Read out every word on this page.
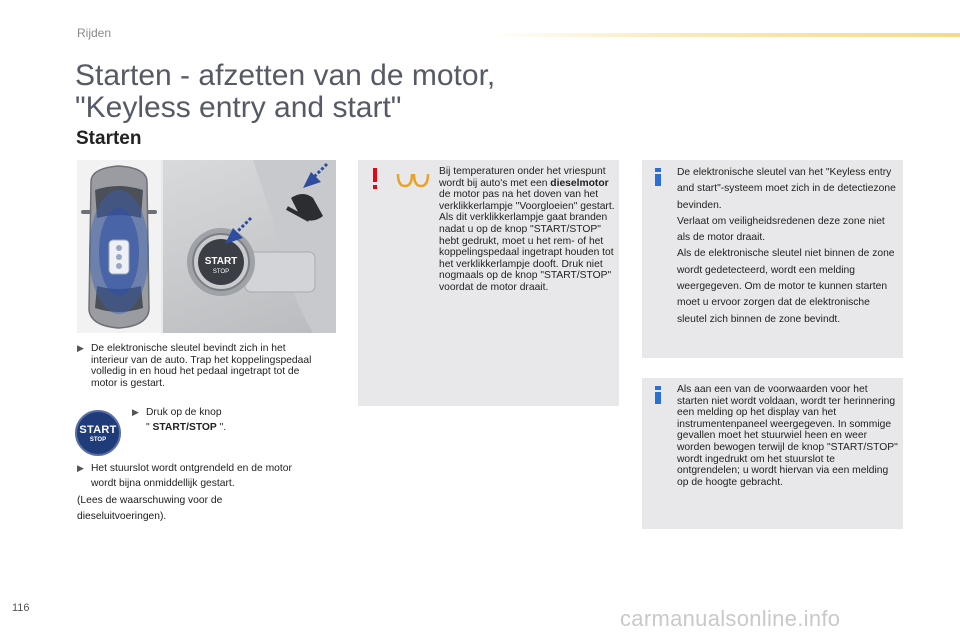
Rijden
Starten - afzetten van de motor,
"Keyless entry and start"
Starten
START
STOP
▶ De elektronische sleutel bevindt zich in het interieur van de auto. Trap het koppelingspedaal volledig in en houd het pedaal ingetrapt tot de motor is gestart.
START
STOP
▶ Druk op de knop
" START/STOP ".
▶ Het stuurslot wordt ontgrendeld en de motor wordt bijna onmiddellijk gestart.
(Lees de waarschuwing voor de dieseluitvoeringen).
Bij temperaturen onder het vriespunt wordt bij auto's met een dieselmotor de motor pas na het doven van het verklikkerlampje "Voorgloeien" gestart.
Als dit verklikkerlampje gaat branden nadat u op de knop "START/STOP" hebt gedrukt, moet u het rem- of het koppelingspedaal ingetrapt houden tot het verklikkerlampje dooft. Druk niet nogmaals op de knop "START/STOP" voordat de motor draait.
De elektronische sleutel van het "Keyless entry and start"-systeem moet zich in de detectiezone bevinden.
Verlaat om veiligheidsredenen deze zone niet als de motor draait.
Als de elektronische sleutel niet binnen de zone wordt gedetecteerd, wordt een melding weergegeven. Om de motor te kunnen starten moet u ervoor zorgen dat de elektronische sleutel zich binnen de zone bevindt.
Als aan een van de voorwaarden voor het starten niet wordt voldaan, wordt ter herinnering een melding op het display van het instrumentenpaneel weergegeven. In sommige gevallen moet het stuurwiel heen en weer worden bewogen terwijl de knop "START/STOP" wordt ingedrukt om het stuurslot te ontgrendelen; u wordt hiervan via een melding op de hoogte gebracht.
116	carmanualsonline.info
